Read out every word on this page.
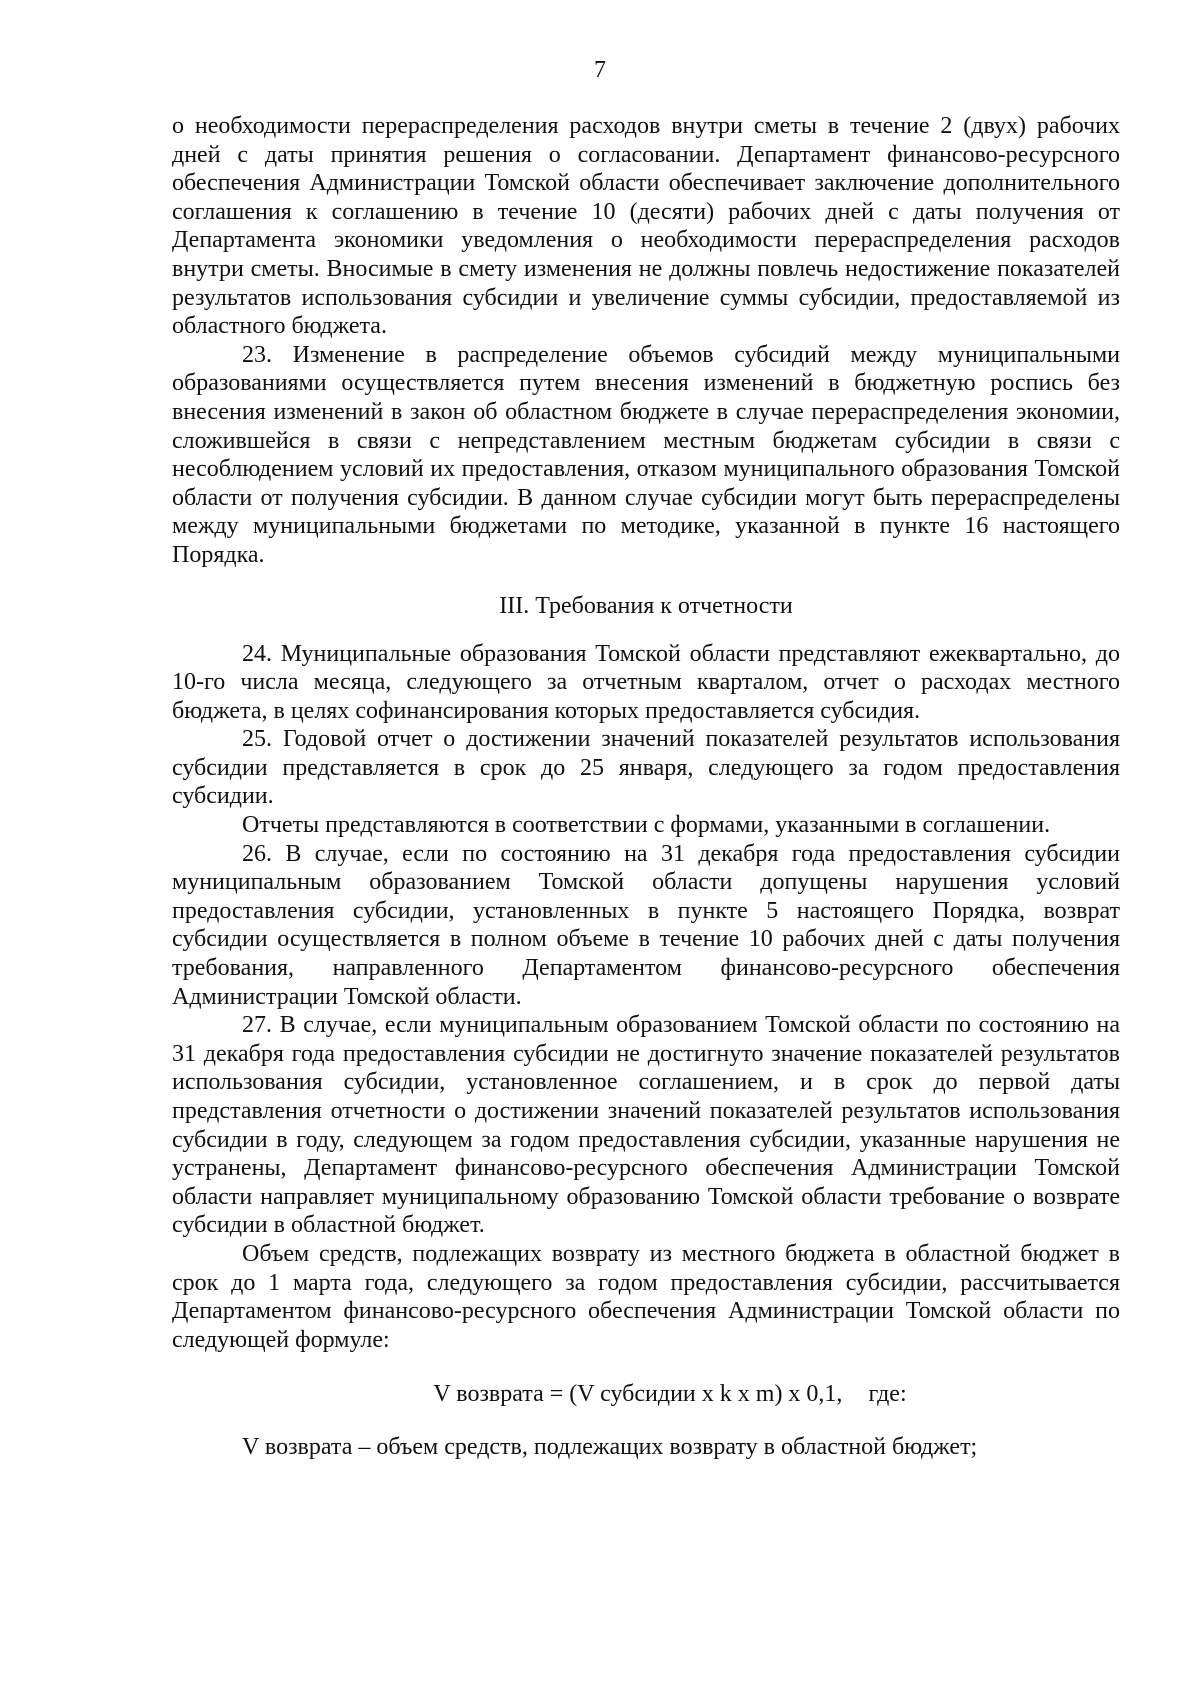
7

о необходимости перераспределения расходов внутри сметы в течение 2 (двух) рабочих дней с даты принятия решения о согласовании. Департамент финансово-ресурсного обеспечения Администрации Томской области обеспечивает заключение дополнительного соглашения к соглашению в течение 10 (десяти) рабочих дней с даты получения от Департамента экономики уведомления о необходимости перераспределения расходов внутри сметы. Вносимые в смету изменения не должны повлечь недостижение показателей результатов использования субсидии и увеличение суммы субсидии, предоставляемой из областного бюджета.

23. Изменение в распределение объемов субсидий между муниципальными образованиями осуществляется путем внесения изменений в бюджетную роспись без внесения изменений в закон об областном бюджете в случае перераспределения экономии, сложившейся в связи с непредставлением местным бюджетам субсидии в связи с несоблюдением условий их предоставления, отказом муниципального образования Томской области от получения субсидии. В данном случае субсидии могут быть перераспределены между муниципальными бюджетами по методике, указанной в пункте 16 настоящего Порядка.

III. Требования к отчетности

24. Муниципальные образования Томской области представляют ежеквартально, до 10-го числа месяца, следующего за отчетным кварталом, отчет о расходах местного бюджета, в целях софинансирования которых предоставляется субсидия.

25. Годовой отчет о достижении значений показателей результатов использования субсидии представляется в срок до 25 января, следующего за годом предоставления субсидии.

Отчеты представляются в соответствии с формами, указанными в соглашении.

26. В случае, если по состоянию на 31 декабря года предоставления субсидии муниципальным образованием Томской области допущены нарушения условий предоставления субсидии, установленных в пункте 5 настоящего Порядка, возврат субсидии осуществляется в полном объеме в течение 10 рабочих дней с даты получения требования, направленного Департаментом финансово-ресурсного обеспечения Администрации Томской области.

27. В случае, если муниципальным образованием Томской области по состоянию на 31 декабря года предоставления субсидии не достигнуто значение показателей результатов использования субсидии, установленное соглашением, и в срок до первой даты представления отчетности о достижении значений показателей результатов использования субсидии в году, следующем за годом предоставления субсидии, указанные нарушения не устранены, Департамент финансово-ресурсного обеспечения Администрации Томской области направляет муниципальному образованию Томской области требование о возврате субсидии в областной бюджет.

Объем средств, подлежащих возврату из местного бюджета в областной бюджет в срок до 1 марта года, следующего за годом предоставления субсидии, рассчитывается Департаментом финансово-ресурсного обеспечения Администрации Томской области по следующей формуле:

V возврата = (V субсидии x k x m) x 0,1, где:

V возврата – объем средств, подлежащих возврату в областной бюджет;
